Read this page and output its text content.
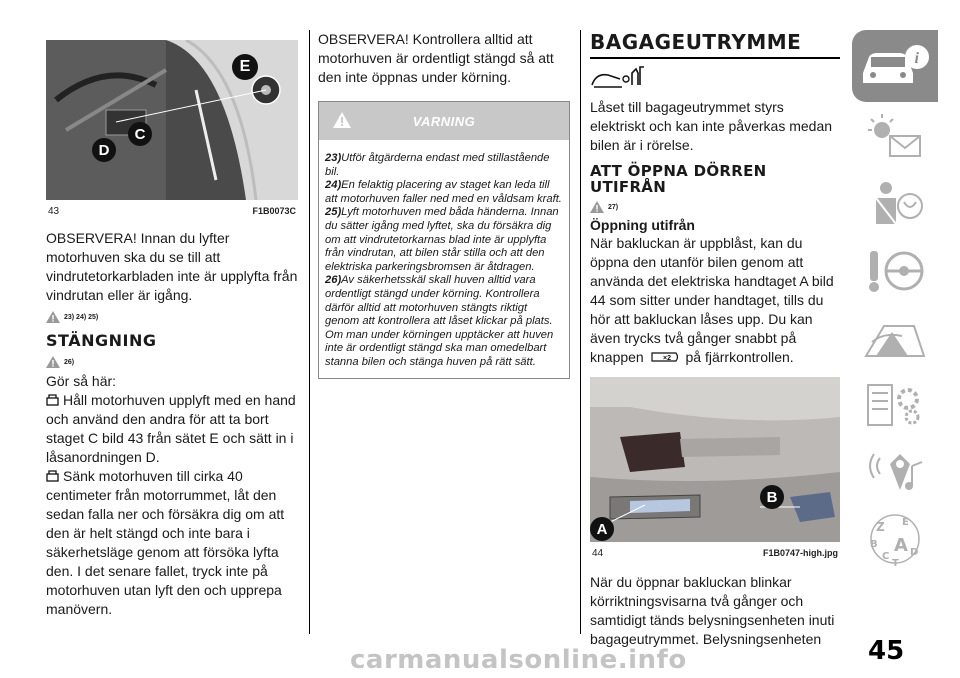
E
C
D
43	F1B0073C

OBSERVERA! Innan du lyfter motorhuven ska du se till att vindrutetorkarbladen inte är upplyfta från vindrutan eller är igång.

23) 24) 25)
STÄNGNING
26)

Gör så här:

Håll motorhuven upplyft med en hand och använd den andra för att ta bort staget C bild 43 från sätet E och sätt in i låsanordningen D.

Sänk motorhuven till cirka 40 centimeter från motorrummet, låt den sedan falla ner och försäkra dig om att den är helt stängd och inte bara i säkerhetsläge genom att försöka lyfta den. I det senare fallet, tryck inte på motorhuven utan lyft den och upprepa manövern.

OBSERVERA! Kontrollera alltid att motorhuven är ordentligt stängd så att den inte öppnas under körning.

VARNING

23)Utför åtgärderna endast med stillastående bil.

24)En felaktig placering av staget kan leda till att motorhuven faller ned med en våldsam kraft.

25)Lyft motorhuven med båda händerna. Innan du sätter igång med lyftet, ska du försäkra dig om att vindrutetorkarnas blad inte är upplyfta från vindrutan, att bilen står stilla och att den elektriska parkeringsbromsen är åtdragen.

26)Av säkerhetsskäl skall huven alltid vara ordentligt stängd under körning. Kontrollera därför alltid att motorhuven stängts riktigt genom att kontrollera att låset klickar på plats. Om man under körningen upptäcker att huven inte är ordentligt stängd ska man omedelbart stanna bilen och stänga huven på rätt sätt.

BAGAGEUTRYMME

Låset till bagageutrymmet styrs elektriskt och kan inte påverkas medan bilen är i rörelse.

ATT ÖPPNA DÖRREN UTIFRÅN
27)
Öppning utifrån

När bakluckan är uppblåst, kan du öppna den utanför bilen genom att använda det elektriska handtaget A bild 44 som sitter under handtaget, tills du hör att bakluckan låses upp. Du kan även trycks två gånger snabbt på knappen	×2 på fjärrkontrollen.

A
B
44	F1B0747-high.jpg

När du öppnar bakluckan blinkar körriktningsvisarna två gånger och samtidigt tänds belysningsenheten inuti bagageutrymmet. Belysningsenheten

i
Z E
B A
C D
T
45
carmanualsonline.info
